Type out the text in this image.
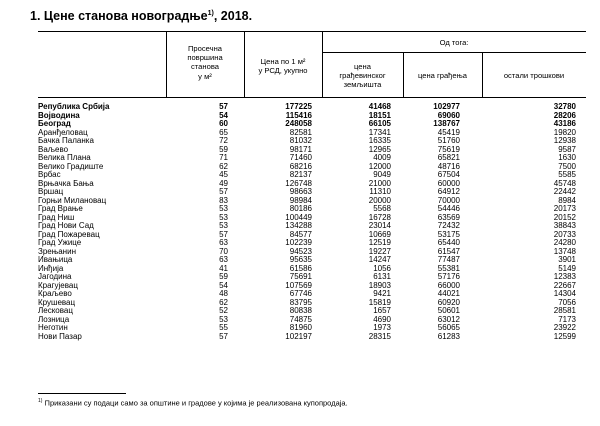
1. Цене станова новоградње$^{1)}$, 2018.
Просечна
површина
станова
у м²
Цена по 1 м²
у РСД, укупно
Од тога:
цена
грађевинског
земљишта
цена грађења	остали трошкови
Република Србија	57	177225	41468	102977	32780
Војводина	54	115416	18151	69060	28206
Београд	60	248058	66105	138767	43186
Аранђеловац	65	82581	17341	45419	19820
Бачка Паланка	72	81032	16335	51760	12938
Ваљево	59	98171	12965	75619	9587
Велика Плана	71	71460	4009	65821	1630
Велико Градиште	62	68216	12000	48716	7500
Врбас	45	82137	9049	67504	5585
Врњачка Бања	49	126748	21000	60000	45748
Вршац	57	98663	11310	64912	22442
Горњи Милановац	83	98984	20000	70000	8984
Град Врање	53	80186	5568	54446	20173
Град Ниш	53	100449	16728	63569	20152
Град Нови Сад	53	134288	23014	72432	38843
Град Пожаревац	57	84577	10669	53175	20733
Град Ужице	63	102239	12519	65440	24280
Зрењанин	70	94523	19227	61547	13748
Ивањица	63	95635	14247	77487	3901
Инђија	41	61586	1056	55381	5149
Јагодина	59	75691	6131	57176	12383
Крагујевац	54	107569	18903	66000	22667
Краљево	48	67746	9421	44021	14304
Крушевац	62	83795	15819	60920	7056
Лесковац	52	80838	1657	50601	28581
Лозница	53	74875	4690	63012	7173
Неготин	55	81960	1973	56065	23922
Нови Пазар	57	102197	28315	61283	12599
$^{1)}$ Приказани су подаци само за општине и градове у којима је реализована купопродаја.
